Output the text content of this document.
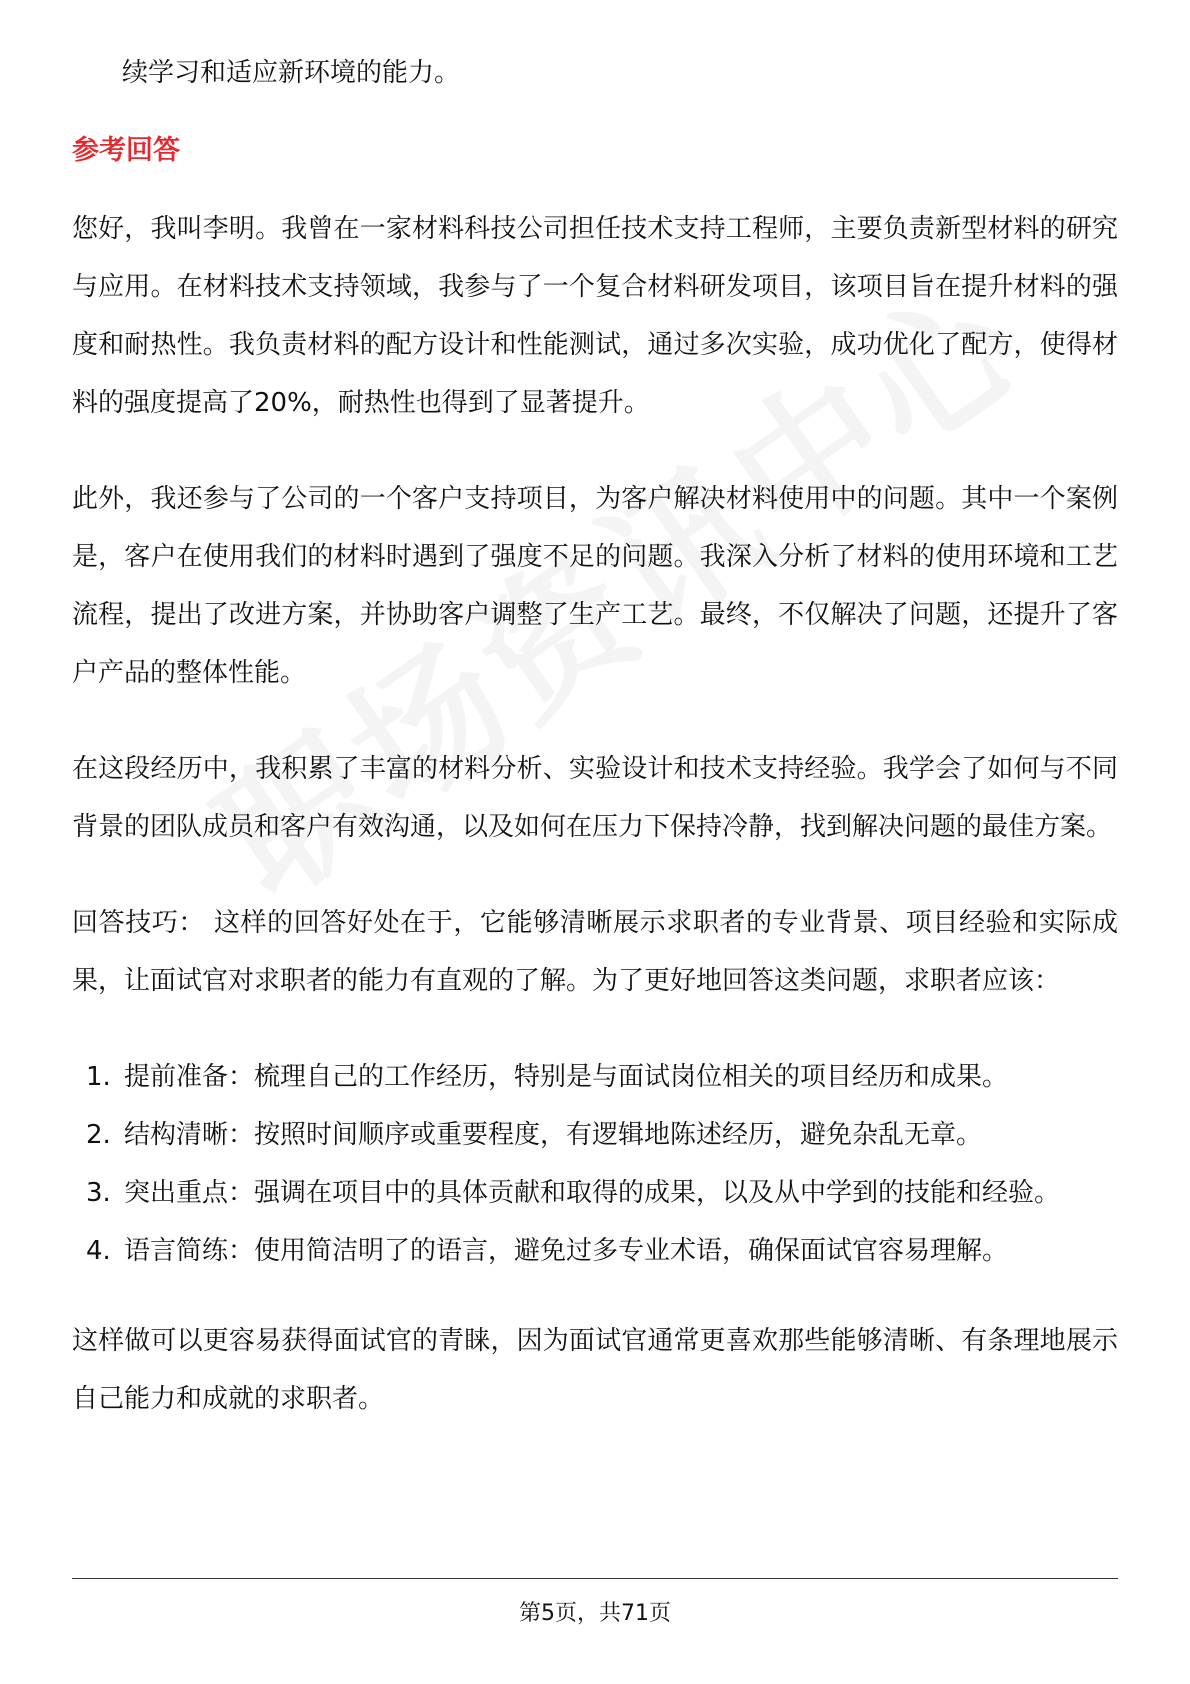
续学习和适应新环境的能力。

参考回答

您好，我叫李明。我曾在一家材料科技公司担任技术支持工程师，主要负责新型材料的研究与应用。在材料技术支持领域，我参与了一个复合材料研发项目，该项目旨在提升材料的强度和耐热性。我负责材料的配方设计和性能测试，通过多次实验，成功优化了配方，使得材料的强度提高了20%，耐热性也得到了显著提升。

此外，我还参与了公司的一个客户支持项目，为客户解决材料使用中的问题。其中一个案例是，客户在使用我们的材料时遇到了强度不足的问题。我深入分析了材料的使用环境和工艺流程，提出了改进方案，并协助客户调整了生产工艺。最终，不仅解决了问题，还提升了客户产品的整体性能。

在这段经历中，我积累了丰富的材料分析、实验设计和技术支持经验。我学会了如何与不同背景的团队成员和客户有效沟通，以及如何在压力下保持冷静，找到解决问题的最佳方案。

回答技巧： 这样的回答好处在于，它能够清晰展示求职者的专业背景、项目经验和实际成果，让面试官对求职者的能力有直观的了解。为了更好地回答这类问题，求职者应该：

1. 提前准备：梳理自己的工作经历，特别是与面试岗位相关的项目经历和成果。
2. 结构清晰：按照时间顺序或重要程度，有逻辑地陈述经历，避免杂乱无章。
3. 突出重点：强调在项目中的具体贡献和取得的成果，以及从中学到的技能和经验。
4. 语言简练：使用简洁明了的语言，避免过多专业术语，确保面试官容易理解。

这样做可以更容易获得面试官的青睐，因为面试官通常更喜欢那些能够清晰、有条理地展示自己能力和成就的求职者。

第5页，共71页
